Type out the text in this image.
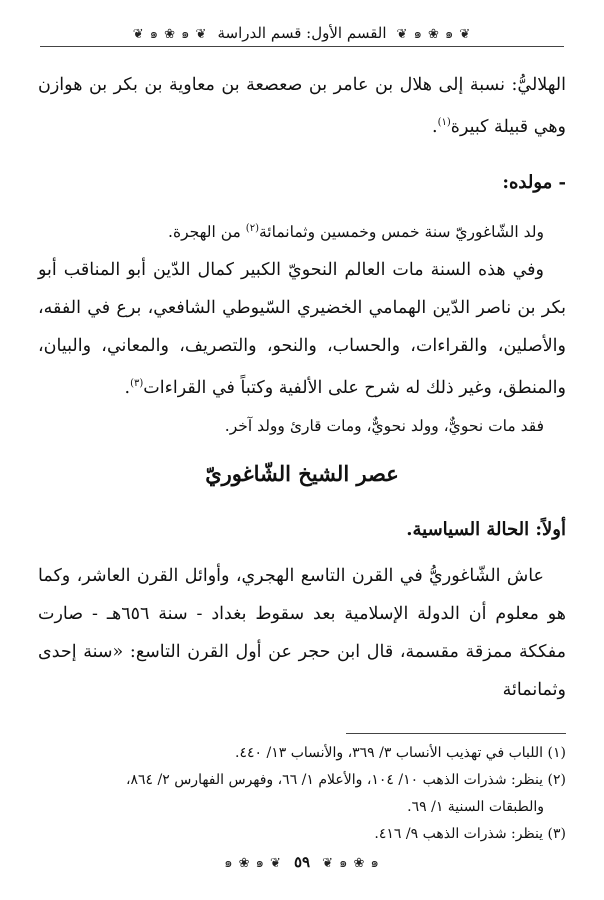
❦ ๑ ❀ ๑ ❦
القسم الأول: قسم الدراسة
❦ ๑ ❀ ๑ ❦

الهلاليُّ: نسبة إلى هلال بن عامر بن صعصعة بن معاوية بن بكر بن هوازن وهي قبيلة كبيرة$^{(١)}$.

- مولده:

ولد الشّاغوريّ سنة خمس وخمسين وثمانمائة$^{(٢)}$ من الهجرة.

وفي هذه السنة مات العالم النحويّ الكبير كمال الدّين أبو المناقب أبو بكر بن ناصر الدّين الهمامي الخضيري السّيوطي الشافعي، برع في الفقه، والأصلين، والقراءات، والحساب، والنحو، والتصريف، والمعاني، والبيان، والمنطق، وغير ذلك له شرح على الألفية وكتباً في القراءات$^{(٣)}$.

فقد مات نحويٌّ، وولد نحويٌّ، ومات قارئ وولد آخر.

عصر الشيخ الشّاغوريّ

أولاً: الحالة السياسية.

عاش الشّاغوريُّ في القرن التاسع الهجري، وأوائل القرن العاشر، وكما هو معلوم أن الدولة الإسلامية بعد سقوط بغداد - سنة ٦٥٦هـ - صارت مفككة ممزقة مقسمة، قال ابن حجر عن أول القرن التاسع: «سنة إحدى وثمانمائة

(١) اللباب في تهذيب الأنساب ٣/ ٣٦٩، والأنساب ١٣/ ٤٤٠.

(٢) ينظر: شذرات الذهب ١٠/ ١٠٤، والأعلام ١/ ٦٦، وفهرس الفهارس ٢/ ٨٦٤،

والطبقات السنية ١/ ٦٩.

(٣) ينظر: شذرات الذهب ٩/ ٤١٦.

๑ ❀ ๑ ❦
٥٩
❦ ๑ ❀ ๑
